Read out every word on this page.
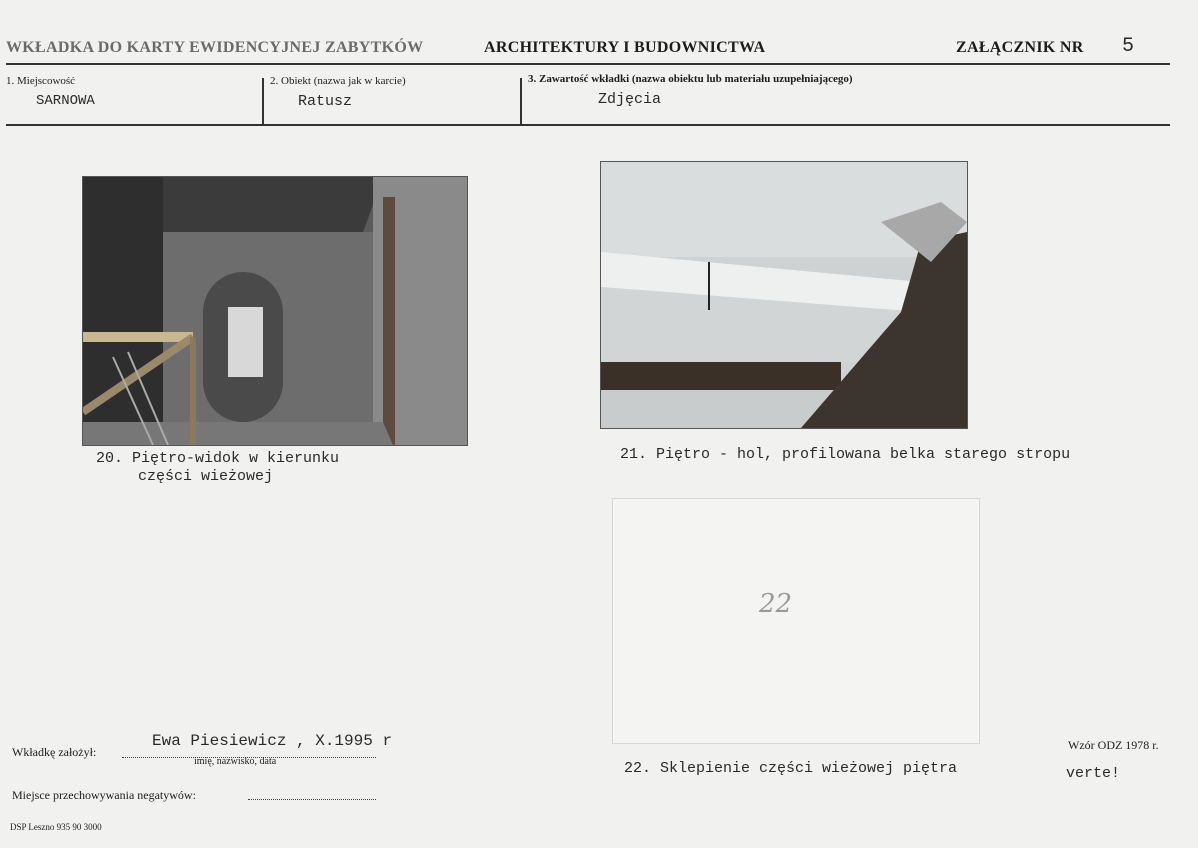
WKŁADKA DO KARTY EWIDENCYJNEJ ZABYTKÓW	ARCHITEKTURY I BUDOWNICTWA	ZAŁĄCZNIK NR 5
1. Miejscowość
SARNOWA
2. Obiekt (nazwa jak w karcie)
Ratusz
3. Zawartość wkładki (nazwa obiektu lub materiału uzupełniającego)
Zdjęcia
20. Piętro-widok w kierunku
części wieżowej
21. Piętro - hol, profilowana belka starego stropu
22
22. Sklepienie części wieżowej piętra
Wkładkę założył:
Ewa Piesiewicz , X.1995 r
imię, nazwisko, data
Miejsce przechowywania negatywów:
Wzór ODZ 1978 r.
verte!
DSP Leszno 935 90 3000
